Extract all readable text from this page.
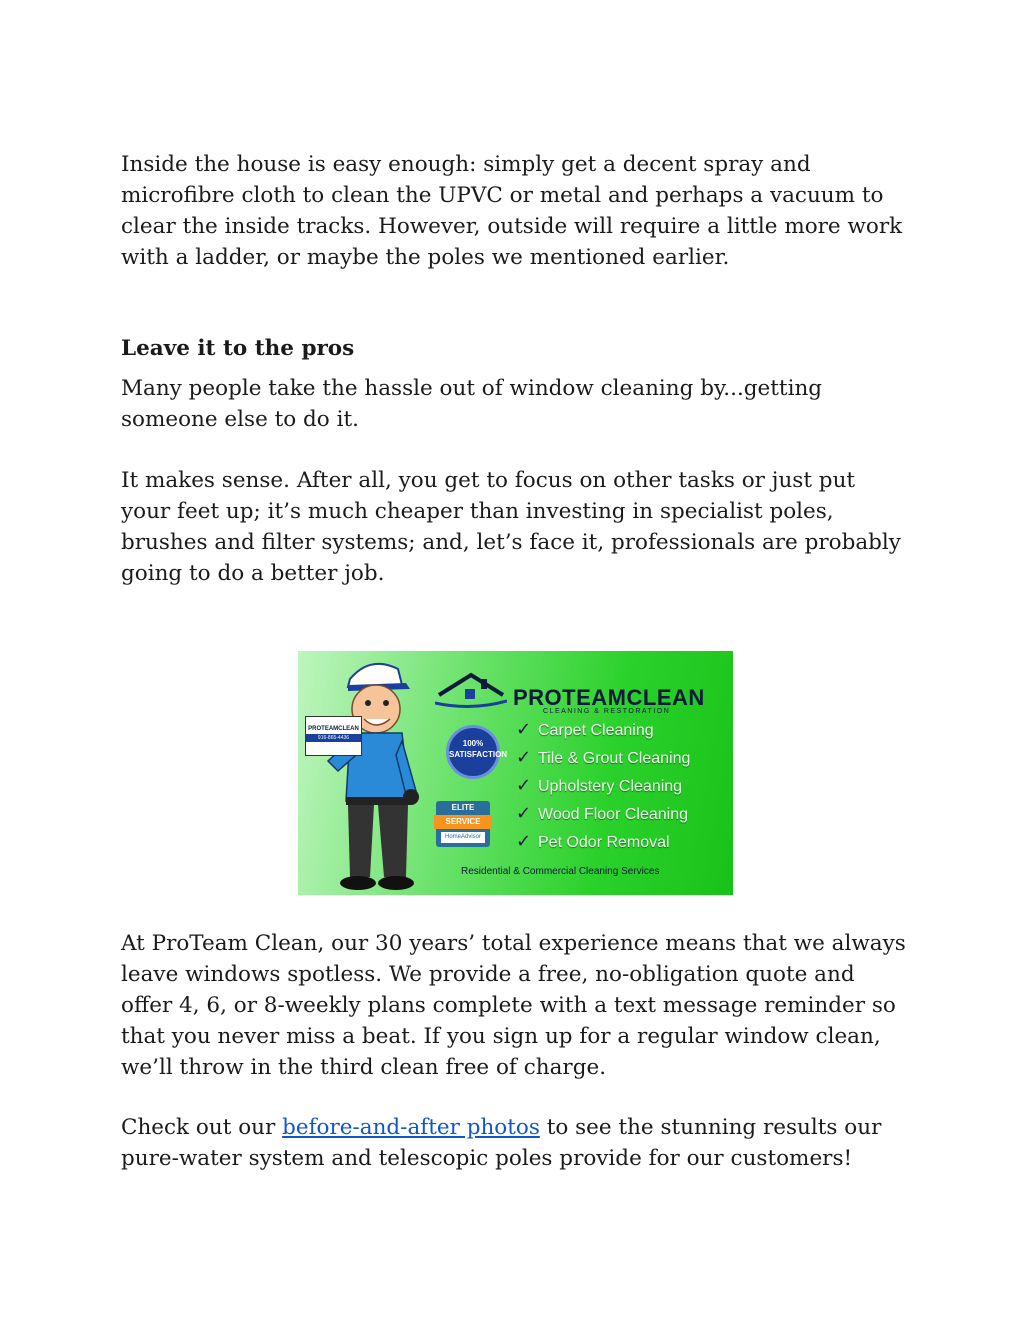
Inside the house is easy enough: simply get a decent spray and microfibre cloth to clean the UPVC or metal and perhaps a vacuum to clear the inside tracks. However, outside will require a little more work with a ladder, or maybe the poles we mentioned earlier.

Leave it to the pros

Many people take the hassle out of window cleaning by...getting someone else to do it.

It makes sense. After all, you get to focus on other tasks or just put your feet up; it’s much cheaper than investing in specialist poles, brushes and filter systems; and, let’s face it, professionals are probably going to do a better job.

PROTEAMCLEAN
916-865-4436
100% SATISFACTION
ELITE
SERVICE
HomeAdvisor
PROTEAMCLEAN
CLEANING & RESTORATION
✓ Carpet Cleaning
✓ Tile & Grout Cleaning
✓ Upholstery Cleaning
✓ Wood Floor Cleaning
✓ Pet Odor Removal
Residential & Commercial Cleaning Services

At ProTeam Clean, our 30 years’ total experience means that we always leave windows spotless. We provide a free, no-obligation quote and offer 4, 6, or 8-weekly plans complete with a text message reminder so that you never miss a beat. If you sign up for a regular window clean, we’ll throw in the third clean free of charge.

Check out our before-and-after photos to see the stunning results our pure-water system and telescopic poles provide for our customers!
